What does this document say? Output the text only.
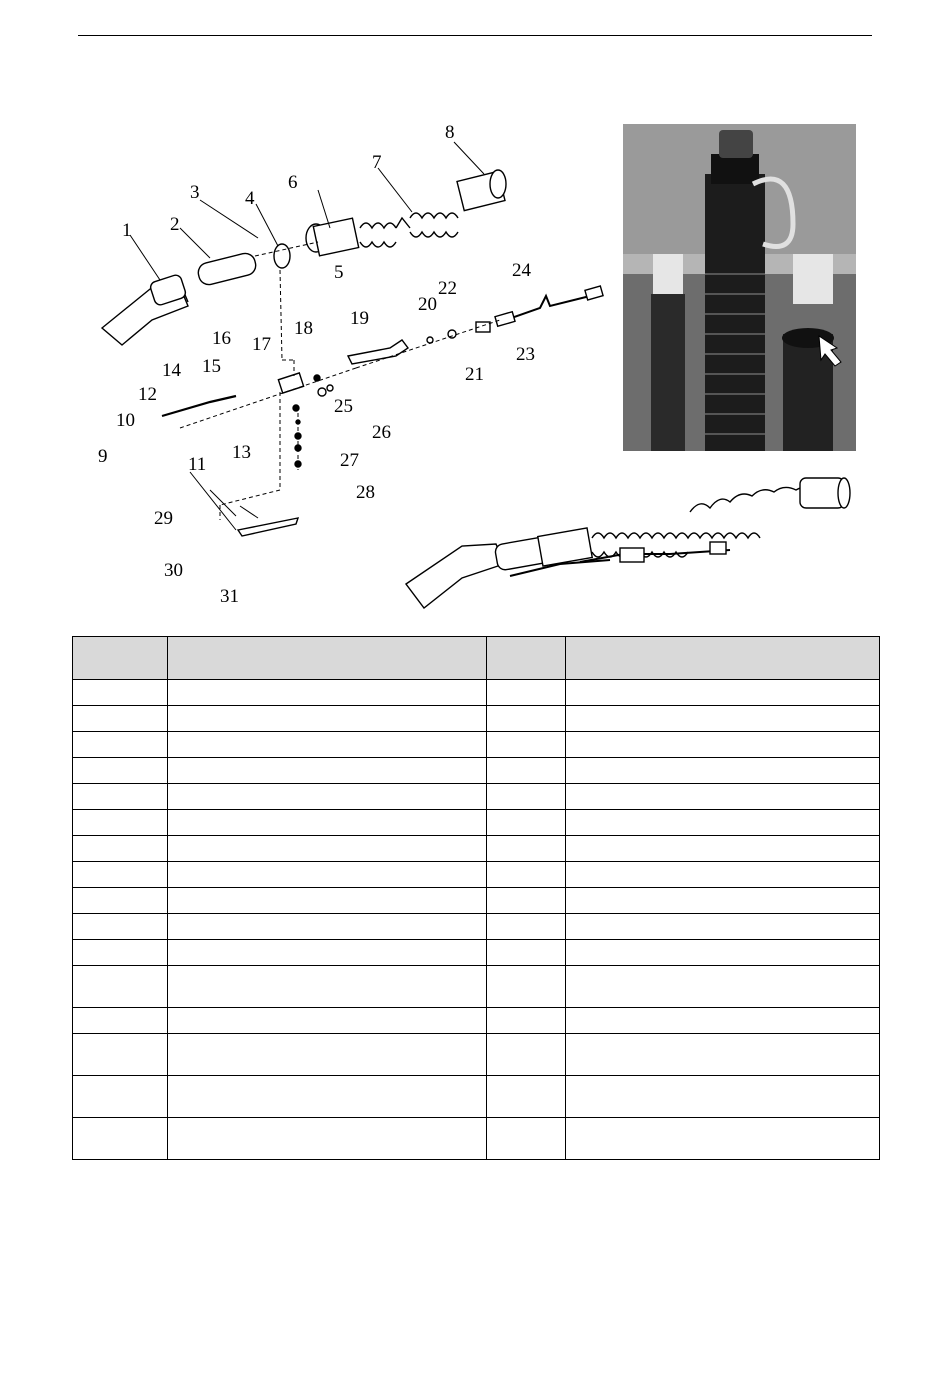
1 2
3 4
5
6
7
8
9
10
11
12
13
14 15
16 17
18 19
20
21
22
23
24
25
26
27
28
29
30
31
